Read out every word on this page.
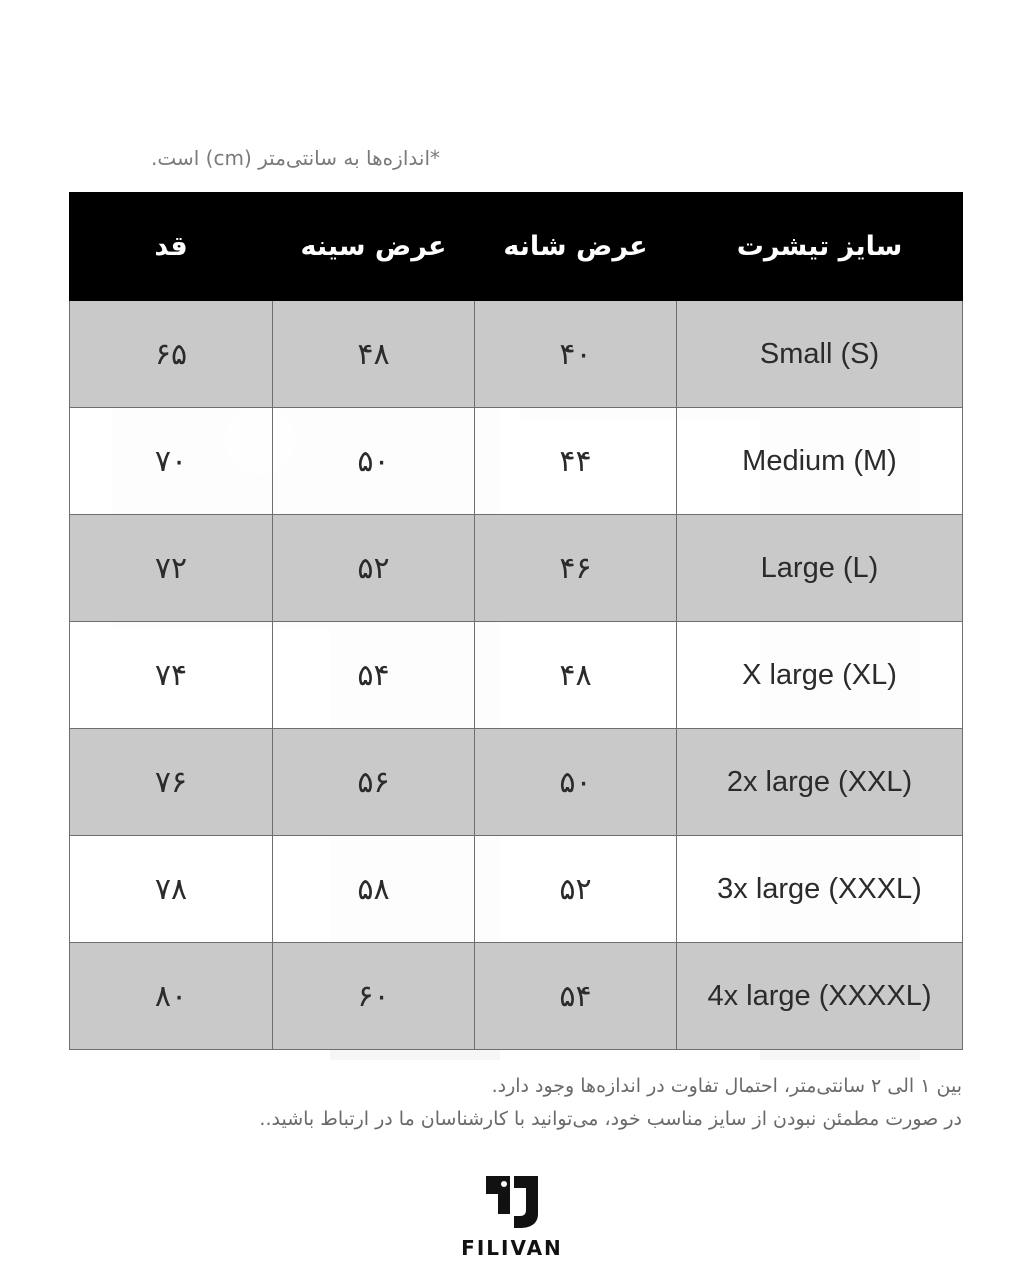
*اندازه‌ها به سانتی‌متر (cm) است.
سایز تیشرت	عرض شانه	عرض سینه	قد
Small (S)	۴۰	۴۸	۶۵
Medium (M)	۴۴	۵۰	۷۰
Large (L)	۴۶	۵۲	۷۲
X large (XL)	۴۸	۵۴	۷۴
2x large (XXL)	۵۰	۵۶	۷۶
3x large (XXXL)	۵۲	۵۸	۷۸
4x large (XXXXL)	۵۴	۶۰	۸۰
بین ۱ الی ۲ سانتی‌متر، احتمال تفاوت در اندازه‌ها وجود دارد.
در صورت مطمئن نبودن از سایز مناسب خود، می‌توانید با کارشناسان ما در ارتباط باشید..
FILIVAN
